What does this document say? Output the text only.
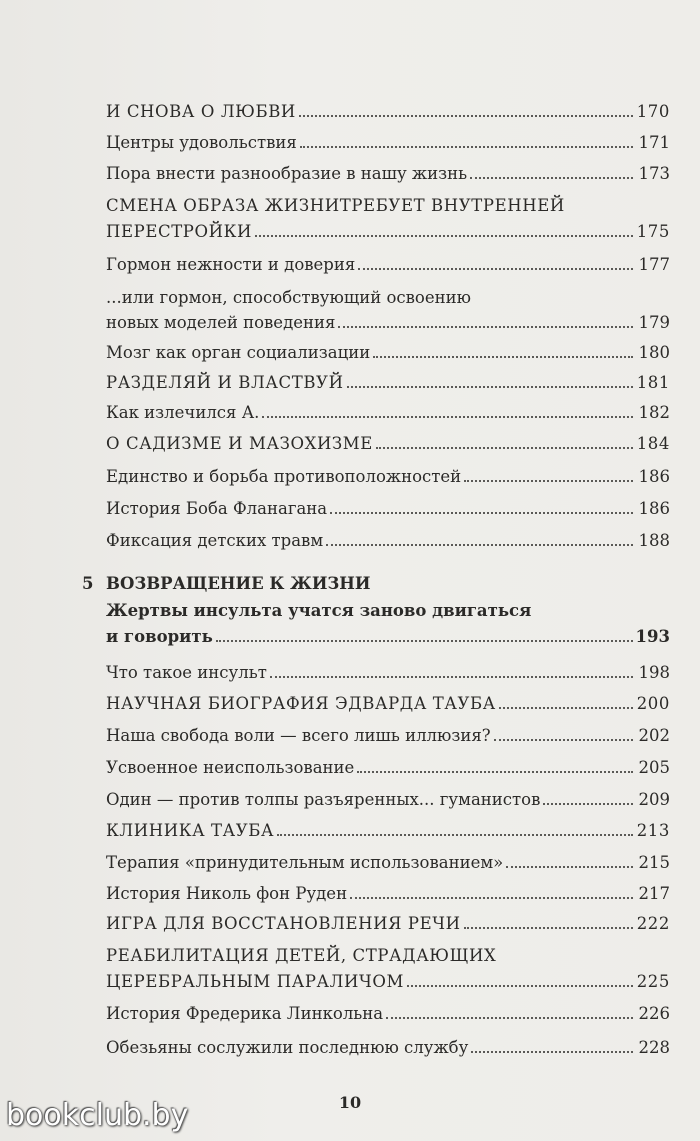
И СНОВА О ЛЮБВИ	170
Центры удовольствия	171
Пора внести разнообразие в нашу жизнь	173
СМЕНА ОБРАЗА ЖИЗНИТРЕБУЕТ ВНУТРЕННЕЙ
ПЕРЕСТРОЙКИ	175
Гормон нежности и доверия	177
...или гормон, способствующий освоению
новых моделей поведения	179
Мозг как орган социализации	180
РАЗДЕЛЯЙ И ВЛАСТВУЙ	181
Как излечился А.	182
О САДИЗМЕ И МАЗОХИЗМЕ	184
Единство и борьба противоположностей	186
История Боба Фланагана	186
Фиксация детских травм	188
5 ВОЗВРАЩЕНИЕ К ЖИЗНИ
Жертвы инсульта учатся заново двигаться
и говорить	193
Что такое инсульт	198
НАУЧНАЯ БИОГРАФИЯ ЭДВАРДА ТАУБА	200
Наша свобода воли — всего лишь иллюзия?	202
Усвоенное неиспользование	205
Один — против толпы разъяренных... гуманистов	209
КЛИНИКА ТАУБА	213
Терапия «принудительным использованием»	215
История Николь фон Руден	217
ИГРА ДЛЯ ВОССТАНОВЛЕНИЯ РЕЧИ	222
РЕАБИЛИТАЦИЯ ДЕТЕЙ, СТРАДАЮЩИХ
ЦЕРЕБРАЛЬНЫМ ПАРАЛИЧОМ	225
История Фредерика Линкольна	226
Обезьяны сослужили последнюю службу	228
10
bookclub.by
